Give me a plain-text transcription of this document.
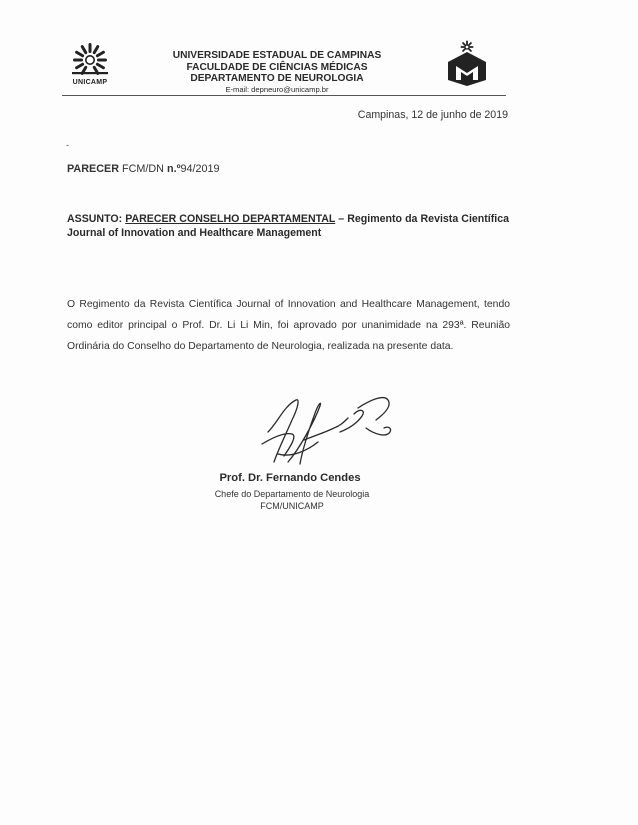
UNICAMP
UNIVERSIDADE ESTADUAL DE CAMPINAS
FACULDADE DE CIÊNCIAS MÉDICAS
DEPARTAMENTO DE NEUROLOGIA
E-mail: depneuro@unicamp.br
Campinas, 12 de junho de 2019
-
PARECER FCM/DN n.º94/2019
ASSUNTO: PARECER CONSELHO DEPARTAMENTAL – Regimento da Revista Científica Journal of Innovation and Healthcare Management
O Regimento da Revista Científica Journal of Innovation and Healthcare Management, tendo como editor principal o Prof. Dr. Li Li Min, foi aprovado por unanimidade na 293ª. Reunião Ordinária do Conselho do Departamento de Neurologia, realizada na presente data.
Prof. Dr. Fernando Cendes
Chefe do Departamento de Neurologia
FCM/UNICAMP
